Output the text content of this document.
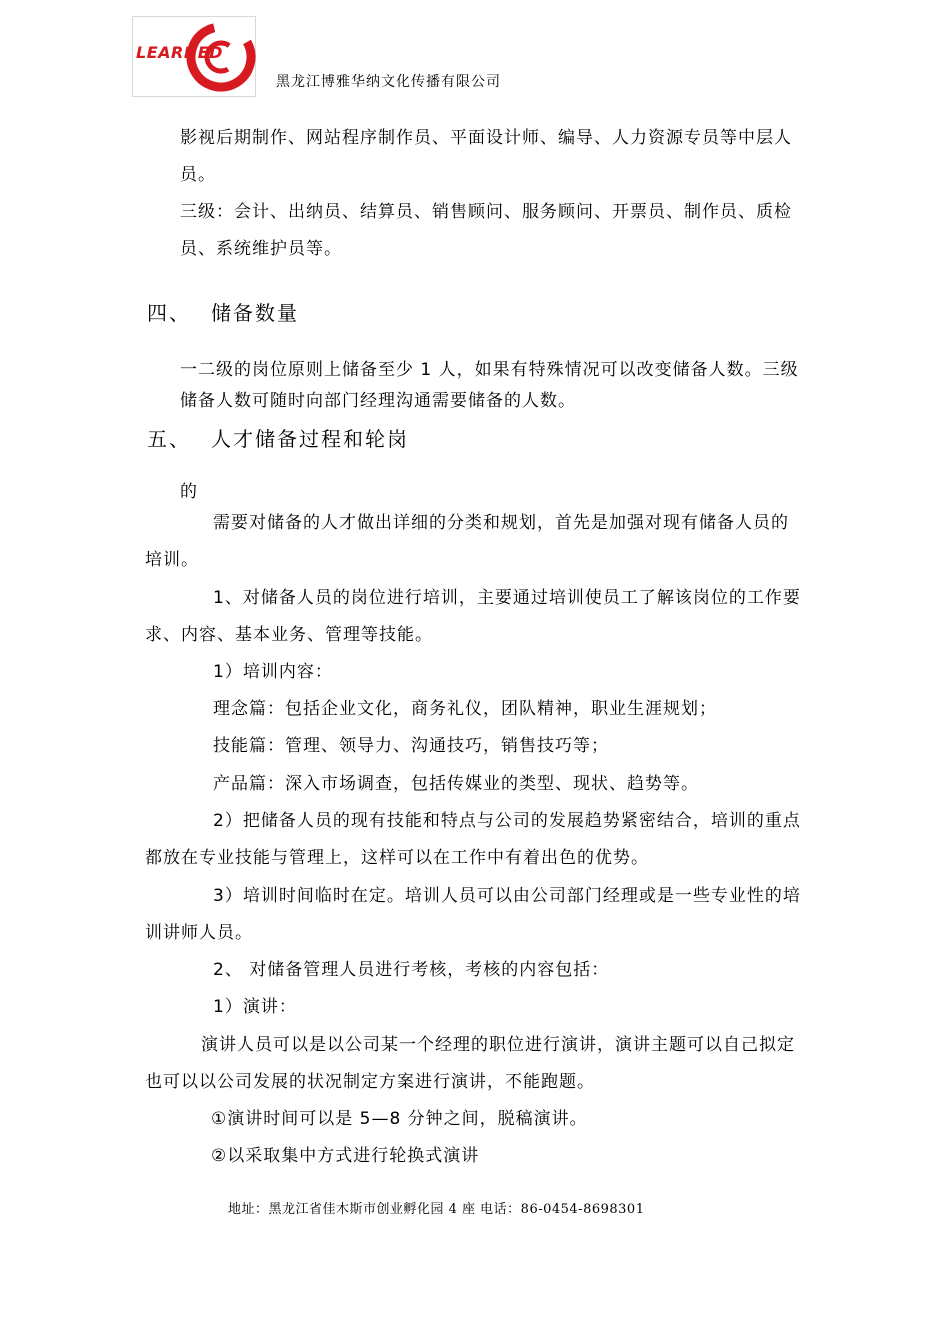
LEARNED
黑龙江博雅华纳文化传播有限公司
影视后期制作、网站程序制作员、平面设计师、编导、人力资源专员等中层人
员。
三级：会计、出纳员、结算员、销售顾问、服务顾问、开票员、制作员、质检
员、系统维护员等。
四、 储备数量
一二级的岗位原则上储备至少 1 人，如果有特殊情况可以改变储备人数。三级
储备人数可随时向部门经理沟通需要储备的人数。
五、 人才储备过程和轮岗
的
需要对储备的人才做出详细的分类和规划，首先是加强对现有储备人员的
培训。
1、对储备人员的岗位进行培训，主要通过培训使员工了解该岗位的工作要
求、内容、基本业务、管理等技能。
1）培训内容：
理念篇：包括企业文化，商务礼仪，团队精神，职业生涯规划；
技能篇：管理、领导力、沟通技巧，销售技巧等；
产品篇：深入市场调查，包括传媒业的类型、现状、趋势等。
2）把储备人员的现有技能和特点与公司的发展趋势紧密结合，培训的重点
都放在专业技能与管理上，这样可以在工作中有着出色的优势。
3）培训时间临时在定。培训人员可以由公司部门经理或是一些专业性的培
训讲师人员。
2、 对储备管理人员进行考核，考核的内容包括：
1）演讲：
演讲人员可以是以公司某一个经理的职位进行演讲，演讲主题可以自己拟定
也可以以公司发展的状况制定方案进行演讲，不能跑题。
①演讲时间可以是 5—8 分钟之间，脱稿演讲。
②以采取集中方式进行轮换式演讲
地址：黑龙江省佳木斯市创业孵化园 4 座 电话：86-0454-8698301
